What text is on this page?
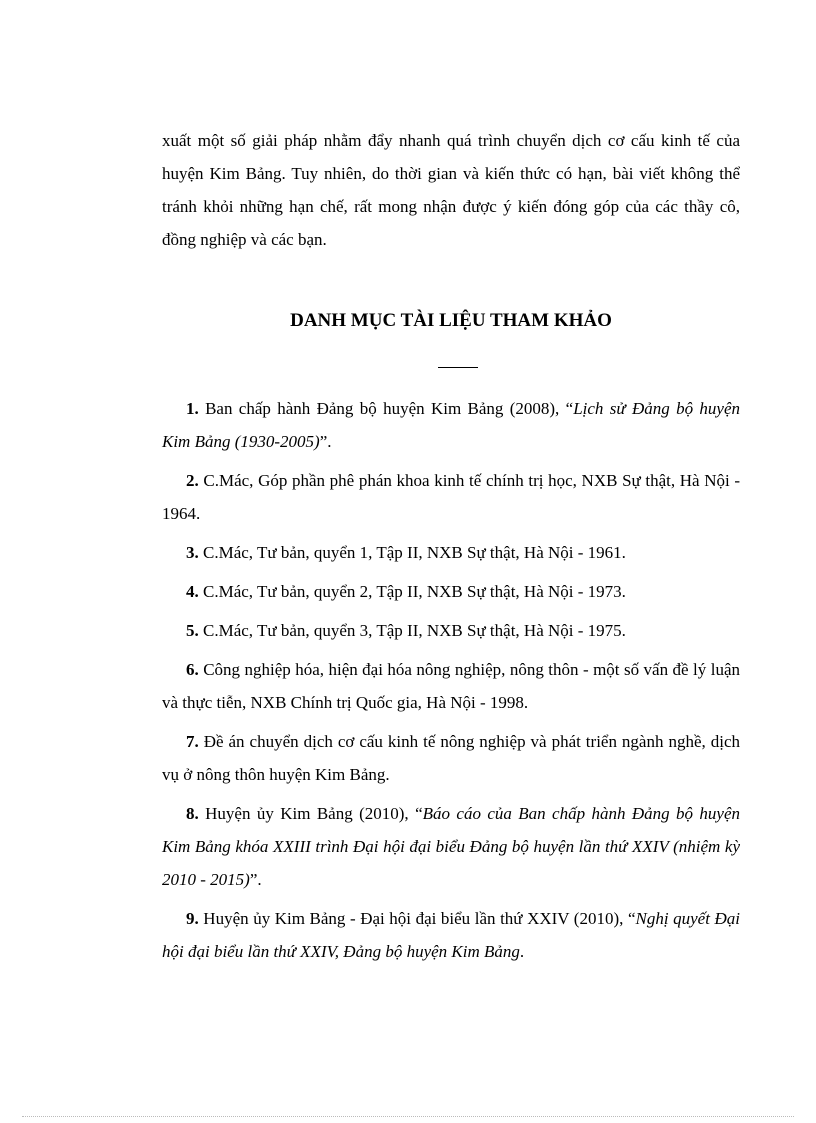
xuất một số giải pháp nhằm đẩy nhanh quá trình chuyển dịch cơ cấu kinh tế của huyện Kim Bảng. Tuy nhiên, do thời gian và kiến thức có hạn, bài viết không thể tránh khỏi những hạn chế, rất mong nhận được ý kiến đóng góp của các thầy cô, đồng nghiệp và các bạn.

DANH MỤC TÀI LIỆU THAM KHẢO

1. Ban chấp hành Đảng bộ huyện Kim Bảng (2008), “Lịch sử Đảng bộ huyện Kim Bảng (1930-2005)”.

2. C.Mác, Góp phần phê phán khoa kinh tế chính trị học, NXB Sự thật, Hà Nội - 1964.

3. C.Mác, Tư bản, quyển 1, Tập II, NXB Sự thật, Hà Nội - 1961.

4. C.Mác, Tư bản, quyển 2, Tập II, NXB Sự thật, Hà Nội - 1973.

5. C.Mác, Tư bản, quyển 3, Tập II, NXB Sự thật, Hà Nội - 1975.

6. Công nghiệp hóa, hiện đại hóa nông nghiệp, nông thôn - một số vấn đề lý luận và thực tiễn, NXB Chính trị Quốc gia, Hà Nội - 1998.

7. Đề án chuyển dịch cơ cấu kinh tế nông nghiệp và phát triển ngành nghề, dịch vụ ở nông thôn huyện Kim Bảng.

8. Huyện ủy Kim Bảng (2010), “Báo cáo của Ban chấp hành Đảng bộ huyện Kim Bảng khóa XXIII trình Đại hội đại biểu Đảng bộ huyện lần thứ XXIV (nhiệm kỳ 2010 - 2015)”.

9. Huyện ủy Kim Bảng - Đại hội đại biểu lần thứ XXIV (2010), “Nghị quyết Đại hội đại biểu lần thứ XXIV, Đảng bộ huyện Kim Bảng.
